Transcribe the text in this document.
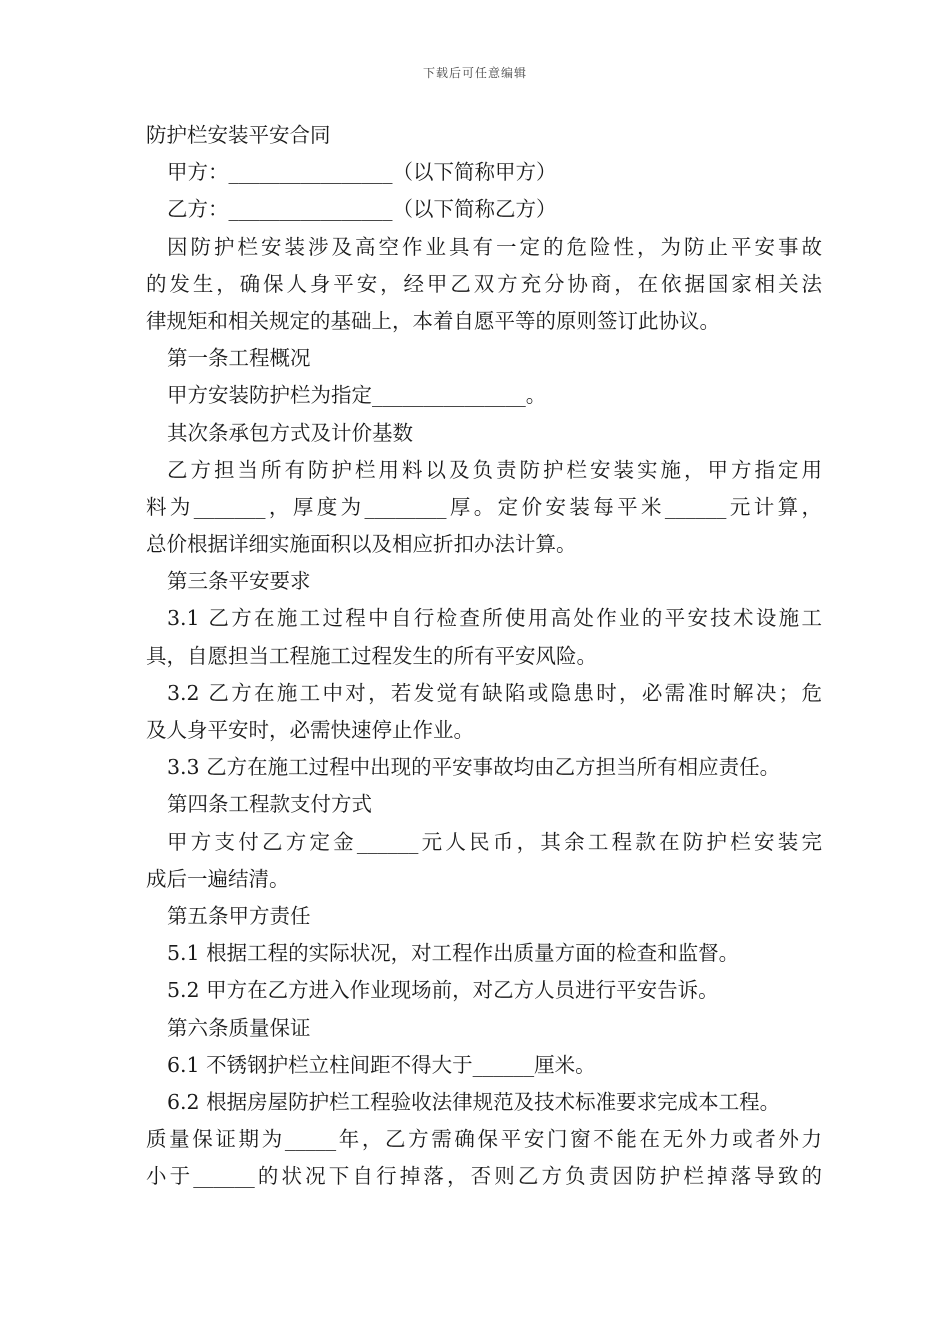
下载后可任意编辑
防护栏安装平安合同
甲方：________________（以下简称甲方）
乙方：________________（以下简称乙方）
因防护栏安装涉及高空作业具有一定的危险性，为防止平安事故
的发生，确保人身平安，经甲乙双方充分协商，在依据国家相关法
律规矩和相关规定的基础上，本着自愿平等的原则签订此协议。
第一条工程概况
甲方安装防护栏为指定_______________。
其次条承包方式及计价基数
乙方担当所有防护栏用料以及负责防护栏安装实施，甲方指定用
料为_______，厚度为________厚。定价安装每平米______元计算，
总价根据详细实施面积以及相应折扣办法计算。
第三条平安要求
3.1 乙方在施工过程中自行检查所使用高处作业的平安技术设施工
具，自愿担当工程施工过程发生的所有平安风险。
3.2 乙方在施工中对，若发觉有缺陷或隐患时，必需准时解决；危
及人身平安时，必需快速停止作业。
3.3 乙方在施工过程中出现的平安事故均由乙方担当所有相应责任。
第四条工程款支付方式
甲方支付乙方定金______元人民币，其余工程款在防护栏安装完
成后一遍结清。
第五条甲方责任
5.1 根据工程的实际状况，对工程作出质量方面的检查和监督。
5.2 甲方在乙方进入作业现场前，对乙方人员进行平安告诉。
第六条质量保证
6.1 不锈钢护栏立柱间距不得大于______厘米。
6.2 根据房屋防护栏工程验收法律规范及技术标准要求完成本工程。
质量保证期为_____年，乙方需确保平安门窗不能在无外力或者外力
小于______的状况下自行掉落，否则乙方负责因防护栏掉落导致的
